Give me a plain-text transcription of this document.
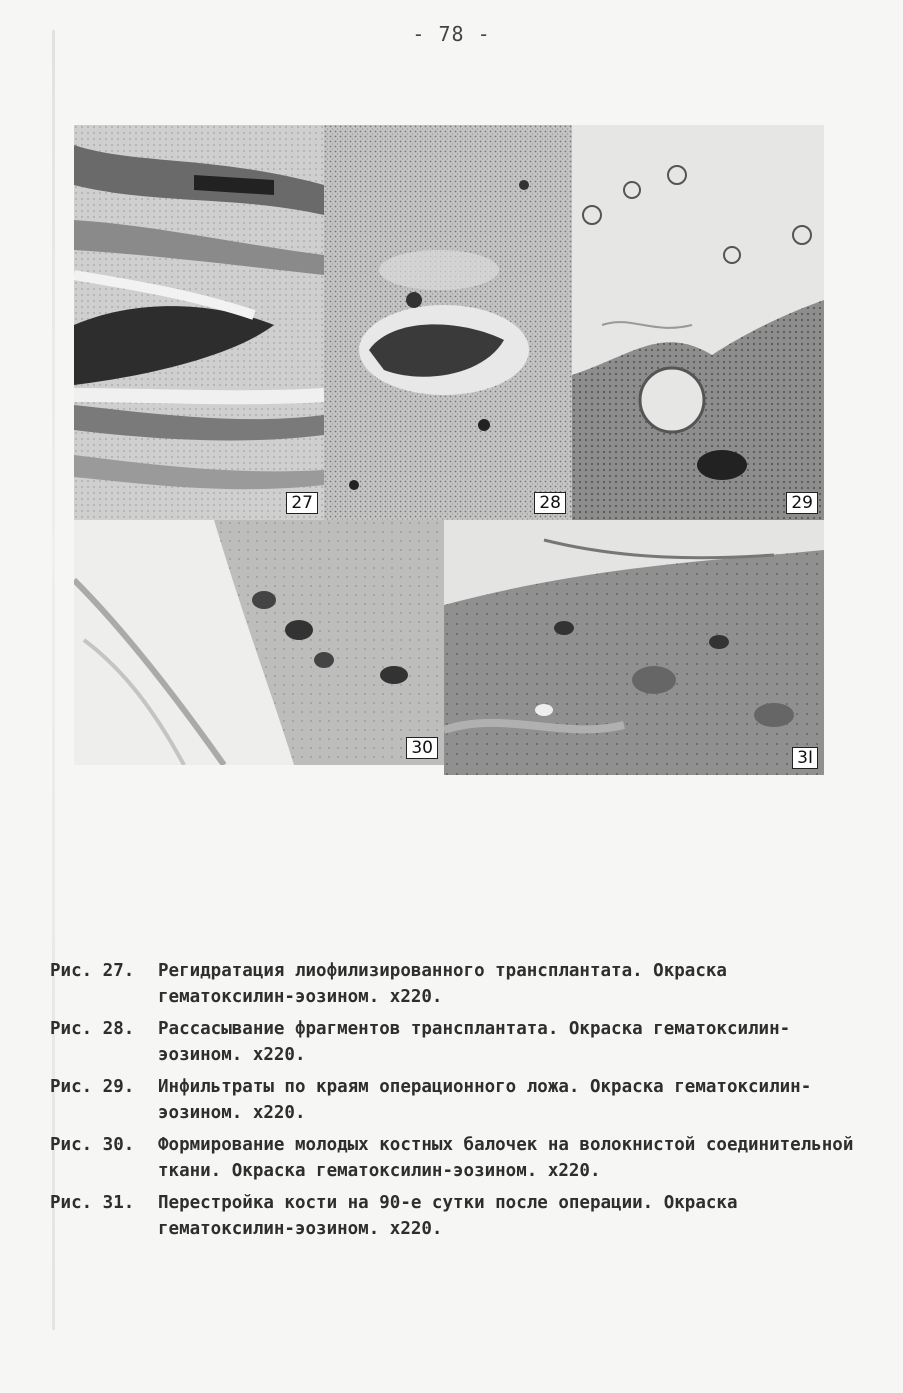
- 78 -
27	28	29
30	3I
Рис. 27.	Регидратация лиофилизированного трансплантата. Окраска гематоксилин-эозином. х220.
Рис. 28.	Рассасывание фрагментов трансплантата. Окраска гематоксилин-эозином. х220.
Рис. 29.	Инфильтраты по краям операционного ложа. Окраска гематоксилин-эозином. х220.
Рис. 30.	Формирование молодых костных балочек на волокнистой соединительной ткани. Окраска гематоксилин-эозином. х220.
Рис. 31.	Перестройка кости на 90-е сутки после операции. Окраска гематоксилин-эозином. х220.
